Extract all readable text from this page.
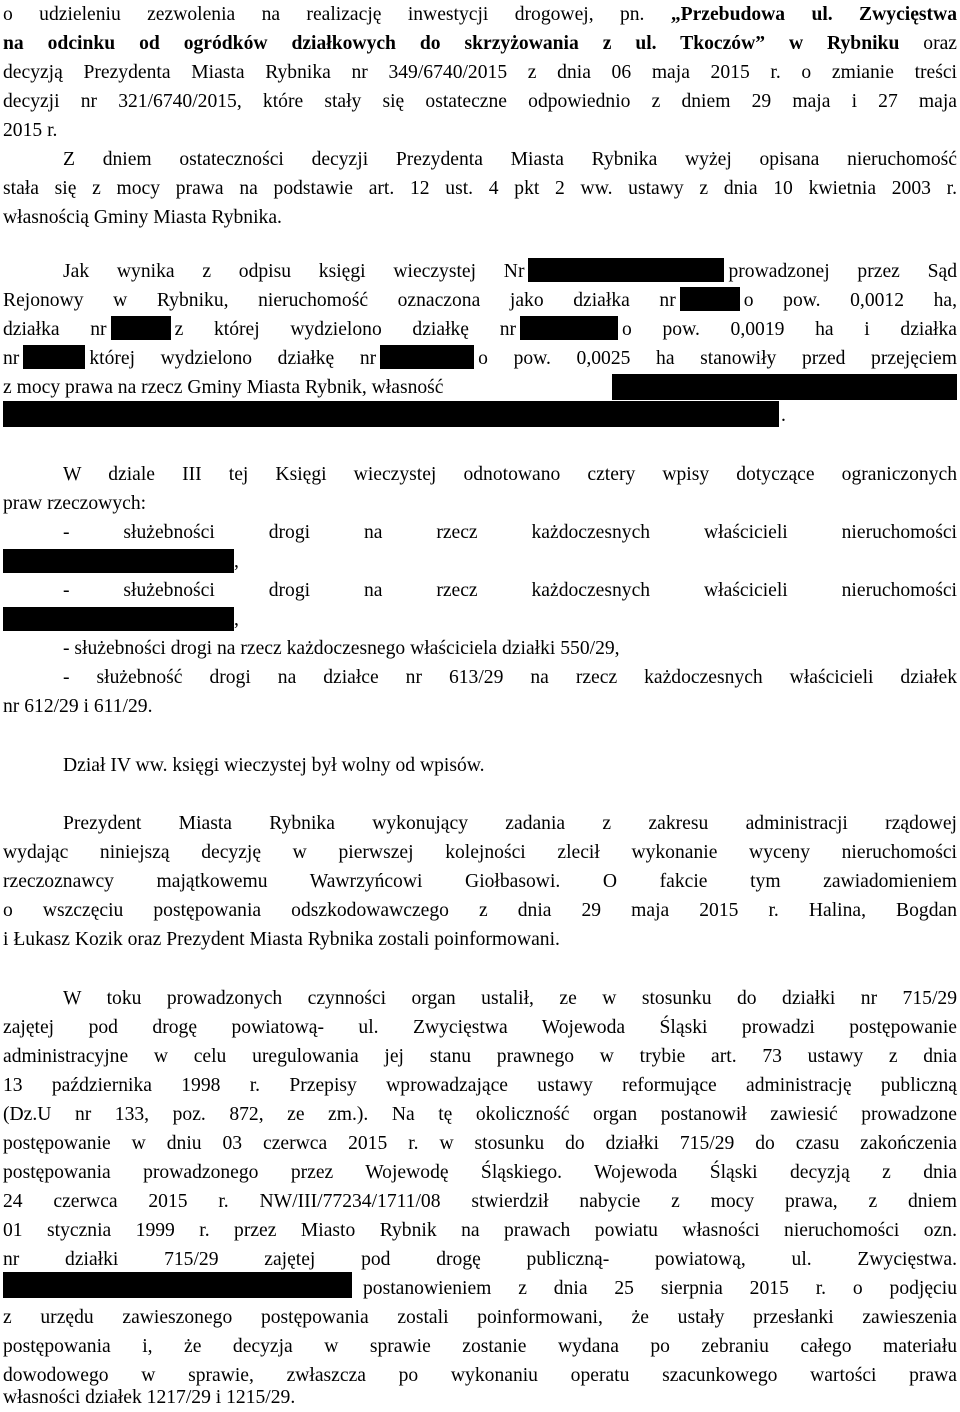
o udzieleniu zezwolenia na realizację inwestycji drogowej, pn. „Przebudowa ul. Zwycięstwa
na odcinku od ogródków działkowych do skrzyżowania z ul. Tkoczów” w Rybniku oraz
decyzją Prezydenta Miasta Rybnika nr 349/6740/2015 z dnia 06 maja 2015 r. o zmianie treści
decyzji nr 321/6740/2015, które stały się ostateczne odpowiednio z dniem 29 maja i 27 maja
2015 r.
Z dniem ostateczności decyzji Prezydenta Miasta Rybnika wyżej opisana nieruchomość
stała się z mocy prawa na podstawie art. 12 ust. 4 pkt 2 ww. ustawy z dnia 10 kwietnia 2003 r.
własnością Gminy Miasta Rybnika.
Jak wynika z odpisu księgi wieczystej Nr	prowadzonej przez Sąd
Rejonowy w Rybniku, nieruchomość oznaczona jako działka nr	o pow. 0,0012 ha,
działka nr	z której wydzielono działkę nr	o pow. 0,0019 ha i działka
nr	której wydzielono działkę nr	o pow. 0,0025 ha stanowiły przed przejęciem
z mocy prawa na rzecz Gminy Miasta Rybnik, własność
.
W dziale III tej Księgi wieczystej odnotowano cztery wpisy dotyczące ograniczonych
praw rzeczowych:
- służebności drogi na rzecz każdoczesnych właścicieli nieruchomości
,
- służebności drogi na rzecz każdoczesnych właścicieli nieruchomości
,
- służebności drogi na rzecz każdoczesnego właściciela działki 550/29,
- służebność drogi na działce nr 613/29 na rzecz każdoczesnych właścicieli działek
nr 612/29 i 611/29.
Dział IV ww. księgi wieczystej był wolny od wpisów.
Prezydent Miasta Rybnika wykonujący zadania z zakresu administracji rządowej
wydając niniejszą decyzję w pierwszej kolejności zlecił wykonanie wyceny nieruchomości
rzeczoznawcy majątkowemu Wawrzyńcowi Giołbasowi. O fakcie tym zawiadomieniem
o wszczęciu postępowania odszkodowawczego z dnia 29 maja 2015 r. Halina, Bogdan
i Łukasz Kozik oraz Prezydent Miasta Rybnika zostali poinformowani.
W toku prowadzonych czynności organ ustalił, ze w stosunku do działki nr 715/29
zajętej pod drogę powiatową- ul. Zwycięstwa Wojewoda Śląski prowadzi postępowanie
administracyjne w celu uregulowania jej stanu prawnego w trybie art. 73 ustawy z dnia
13 października 1998 r. Przepisy wprowadzające ustawy reformujące administrację publiczną
(Dz.U nr 133, poz. 872, ze zm.). Na tę okoliczność organ postanowił zawiesić prowadzone
postępowanie w dniu 03 czerwca 2015 r. w stosunku do działki 715/29 do czasu zakończenia
postępowania prowadzonego przez Wojewodę Śląskiego. Wojewoda Śląski decyzją z dnia
24 czerwca 2015 r. NW/III/77234/1711/08 stwierdził nabycie z mocy prawa, z dniem
01 stycznia 1999 r. przez Miasto Rybnik na prawach powiatu własności nieruchomości ozn.
nr działki 715/29 zajętej pod drogę publiczną- powiatową, ul. Zwycięstwa.
postanowieniem z dnia 25 sierpnia 2015 r. o podjęciu
z urzędu zawieszonego postępowania zostali poinformowani, że ustały przesłanki zawieszenia
postępowania i, że decyzja w sprawie zostanie wydana po zebraniu całego materiału
dowodowego w sprawie, zwłaszcza po wykonaniu operatu szacunkowego wartości prawa
własności działek 1217/29 i 1215/29.
